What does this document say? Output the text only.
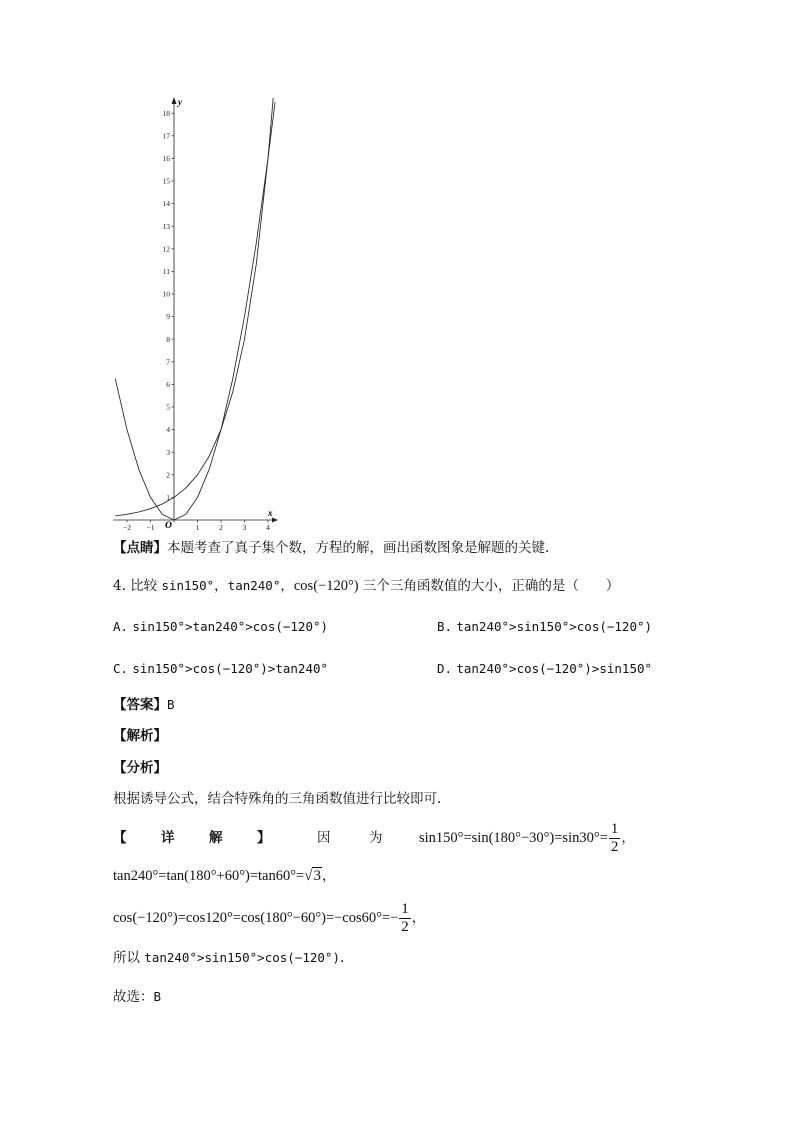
−2 −1	1	2	3	4
1
2
3
4
5
6
7
8
9
10
11
12
13
14
15
16
17
18
x
y
O
【点睛】本题考查了真子集个数，方程的解，画出函数图象是解题的关键.
4. 比较 sin150°，tan240°，cos(−120°) 三个三角函数值的大小，正确的是（　　）
A. sin150°>tan240°>cos(−120°)	B. tan240°>sin150°>cos(−120°)
C. sin150°>cos(−120°)>tan240°	D. tan240°>cos(−120°)>sin150°
【答案】B
【解析】
【分析】
根据诱导公式，结合特殊角的三角函数值进行比较即可.
【	详	解	】	因	为	$\sin 150^\circ=\sin(180^\circ-30^\circ)=\sin 30^\circ= \frac{1}{2}$ ，
tan240°=tan(180°+60°)=tan60°=√3，
$\cos(-120^\circ)=\cos 120^\circ=\cos(180^\circ-60^\circ)=-\cos 60^\circ=- \frac{1}{2}$ ，
所以 tan240°>sin150°>cos(−120°).
故选：B
